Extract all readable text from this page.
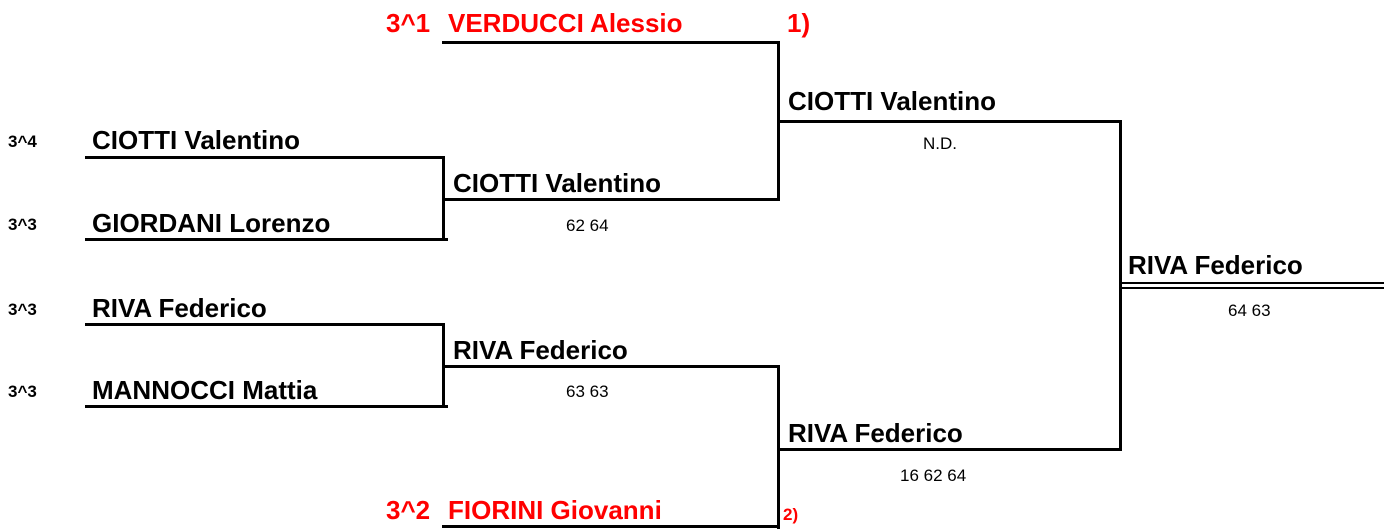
3^4 CIOTTI Valentino
3^3 GIORDANI Lorenzo
3^3 RIVA Federico
3^3 MANNOCCI Mattia
3^1 VERDUCCI Alessio	1)
3^2 FIORINI Giovanni	2)
CIOTTI Valentino
62 64
RIVA Federico
63 63
CIOTTI Valentino
N.D.
RIVA Federico
16 62 64
RIVA Federico
64 63
